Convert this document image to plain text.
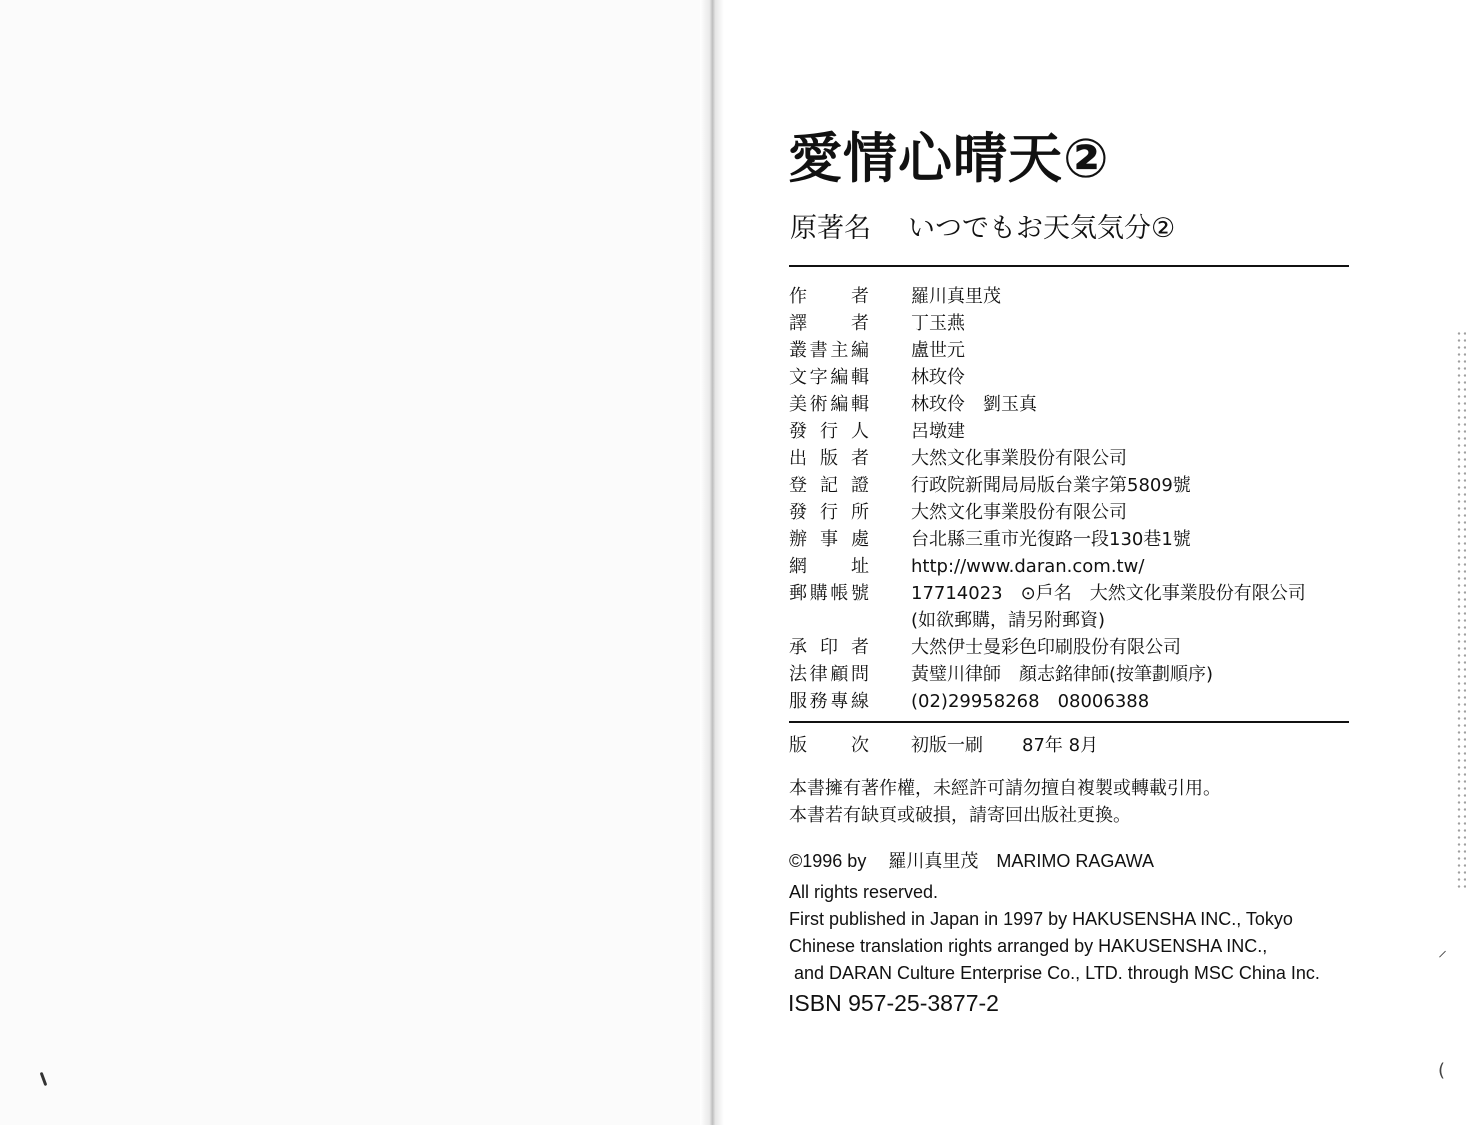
⸝
(
愛情心晴天②
原著名 いつでもお天気気分②
作者 羅川真里茂
譯者 丁玉燕
叢書主編 盧世元
文字編輯 林玫伶
美術編輯 林玫伶　劉玉真
發行人 呂墩建
出版者 大然文化事業股份有限公司
登記證 行政院新聞局局版台業字第5809號
發行所 大然文化事業股份有限公司
辦事處 台北縣三重市光復路一段130巷1號
網址 http://www.daran.com.tw/
郵購帳號 17714023　⊙戶名　大然文化事業股份有限公司
(如欲郵購，請另附郵資)
承印者 大然伊士曼彩色印刷股份有限公司
法律顧問 黃璧川律師　顏志銘律師(按筆劃順序)
服務專線 (02)29958268　08006388
版次 初版一刷 87年 8月
本書擁有著作權，未經許可請勿擅自複製或轉載引用。
本書若有缺頁或破損，請寄回出版社更換。
©1996 by 羅川真里茂 MARIMO RAGAWA
All rights reserved.
First published in Japan in 1997 by HAKUSENSHA INC., Tokyo
Chinese translation rights arranged by HAKUSENSHA INC.,
and DARAN Culture Enterprise Co., LTD. through MSC China Inc.
ISBN 957-25-3877-2
